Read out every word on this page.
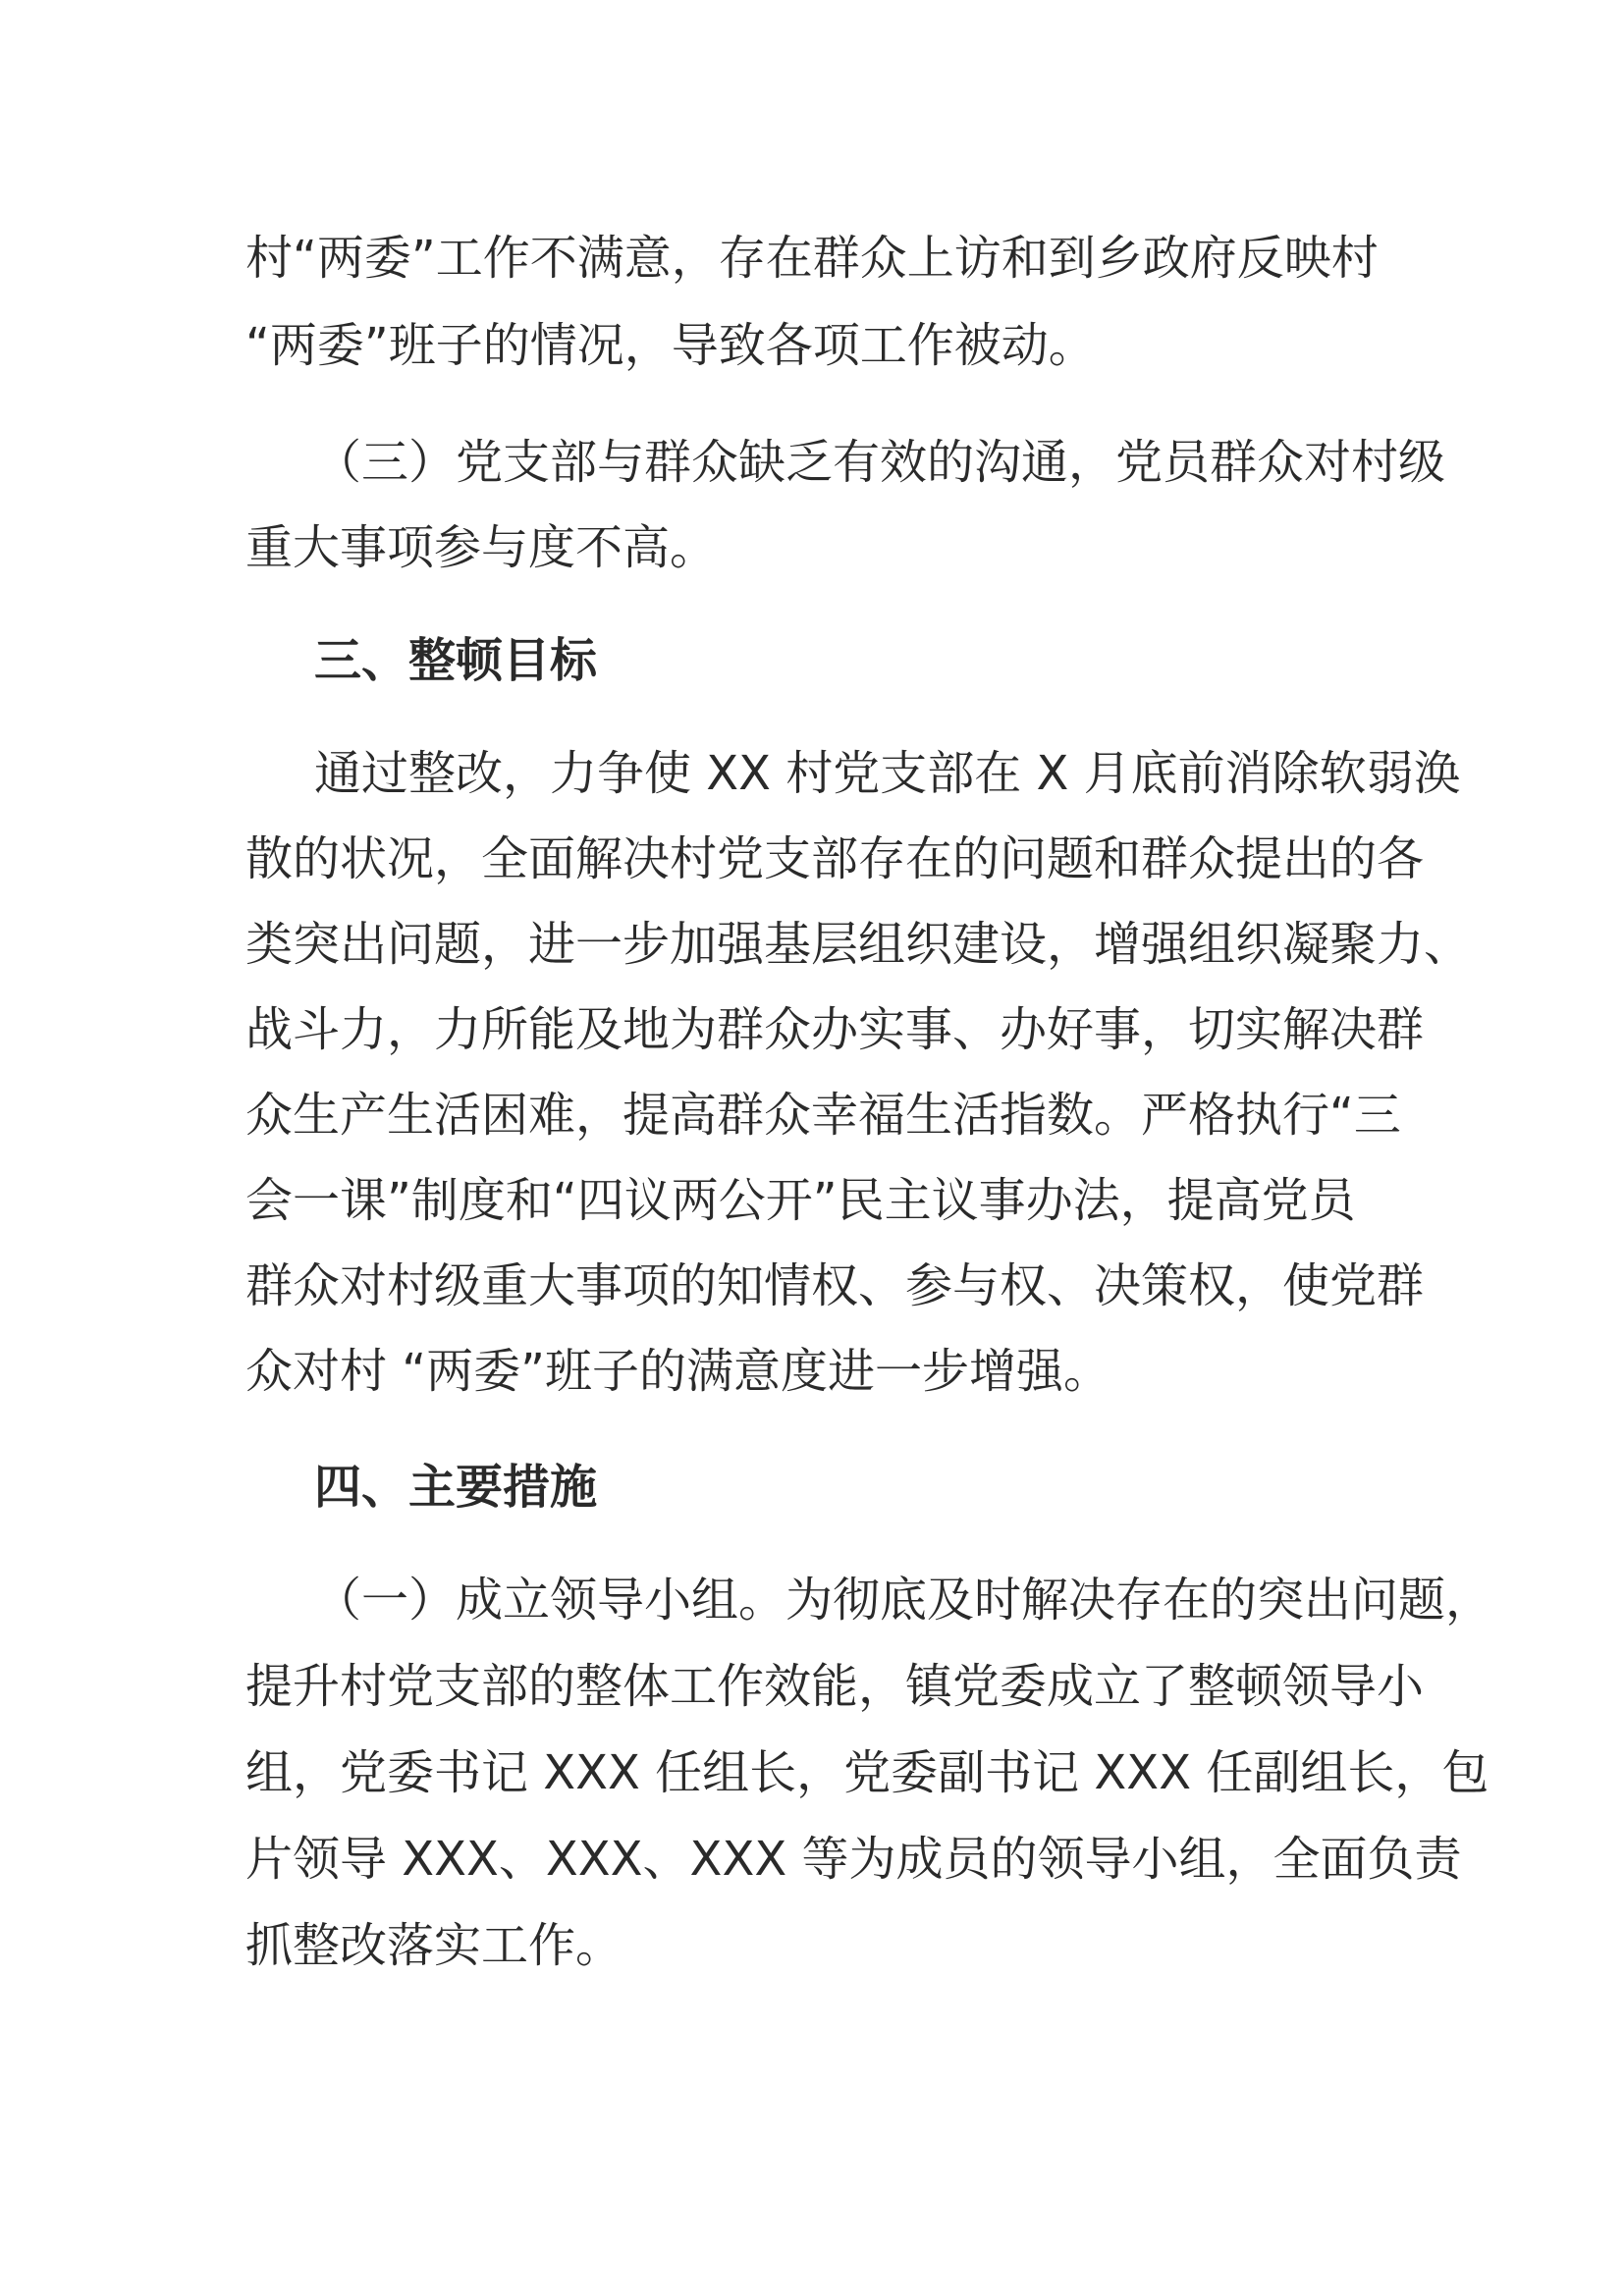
村“两委”工作不满意，存在群众上访和到乡政府反映村

“两委”班子的情况，导致各项工作被动。

（三）党支部与群众缺乏有效的沟通，党员群众对村级

重大事项参与度不高。

三、整顿目标

通过整改，力争使 XX 村党支部在 X 月底前消除软弱涣

散的状况，全面解决村党支部存在的问题和群众提出的各

类突出问题，进一步加强基层组织建设，增强组织凝聚力、

战斗力，力所能及地为群众办实事、办好事，切实解决群

众生产生活困难，提高群众幸福生活指数。严格执行“三

会一课”制度和“四议两公开”民主议事办法，提高党员

群众对村级重大事项的知情权、参与权、决策权，使党群

众对村 “两委”班子的满意度进一步增强。

四、主要措施

（一）成立领导小组。为彻底及时解决存在的突出问题，

提升村党支部的整体工作效能，镇党委成立了整顿领导小

组，党委书记 XXX 任组长，党委副书记 XXX 任副组长，包

片领导 XXX、XXX、XXX 等为成员的领导小组，全面负责

抓整改落实工作。
